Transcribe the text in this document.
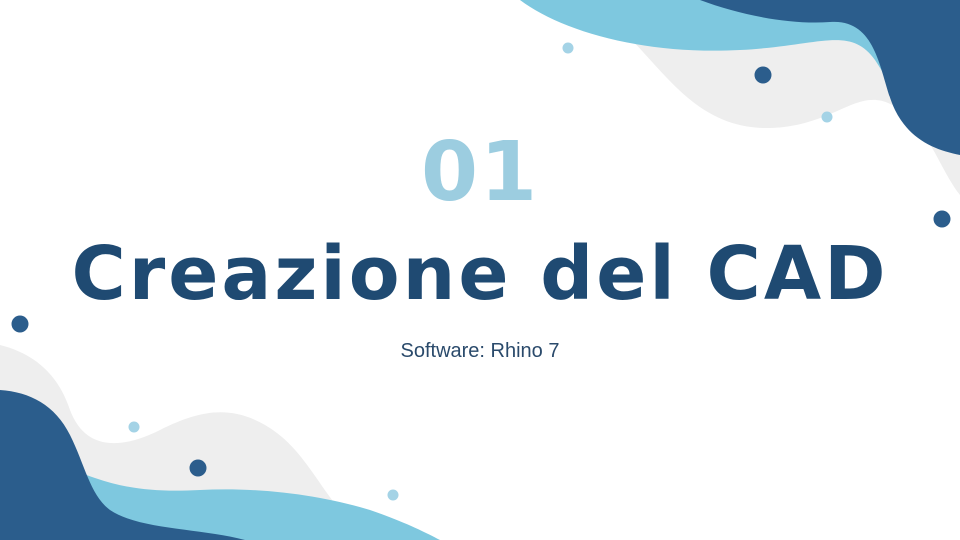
01
Creazione del CAD
Software: Rhino 7
